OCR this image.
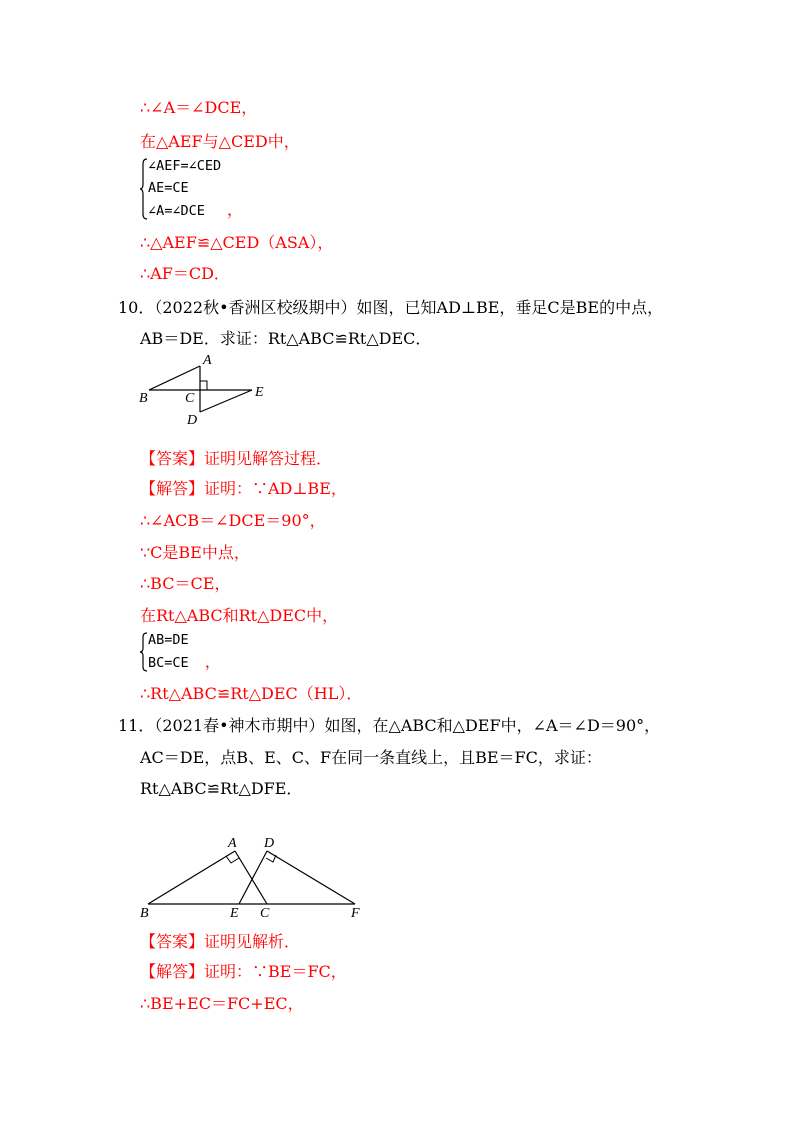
∴∠A＝∠DCE，
在△AEF与△CED中，
∠AEF=∠CED
AE=CE
∠A=∠DCE ，
∴△AEF≌△CED（ASA），
∴AF＝CD．
10．（2022秋•香洲区校级期中）如图，已知AD⊥BE，垂足C是BE的中点，
AB＝DE．求证：Rt△ABC≌Rt△DEC．
A
B	C
D
E
【答案】证明见解答过程．
【解答】证明：∵AD⊥BE，
∴∠ACB＝∠DCE＝90°，
∵C是BE中点，
∴BC＝CE，
在Rt△ABC和Rt△DEC中，
AB=DE
BC=CE ，
∴Rt△ABC≌Rt△DEC（HL）．
11．（2021春•神木市期中）如图，在△ABC和△DEF中，∠A＝∠D＝90°，
AC＝DE，点B、E、C、F在同一条直线上，且BE＝FC，求证：
Rt△ABC≌Rt△DFE．
A D
B	E C	F
【答案】证明见解析．
【解答】证明：∵BE＝FC，
∴BE+EC＝FC+EC，
